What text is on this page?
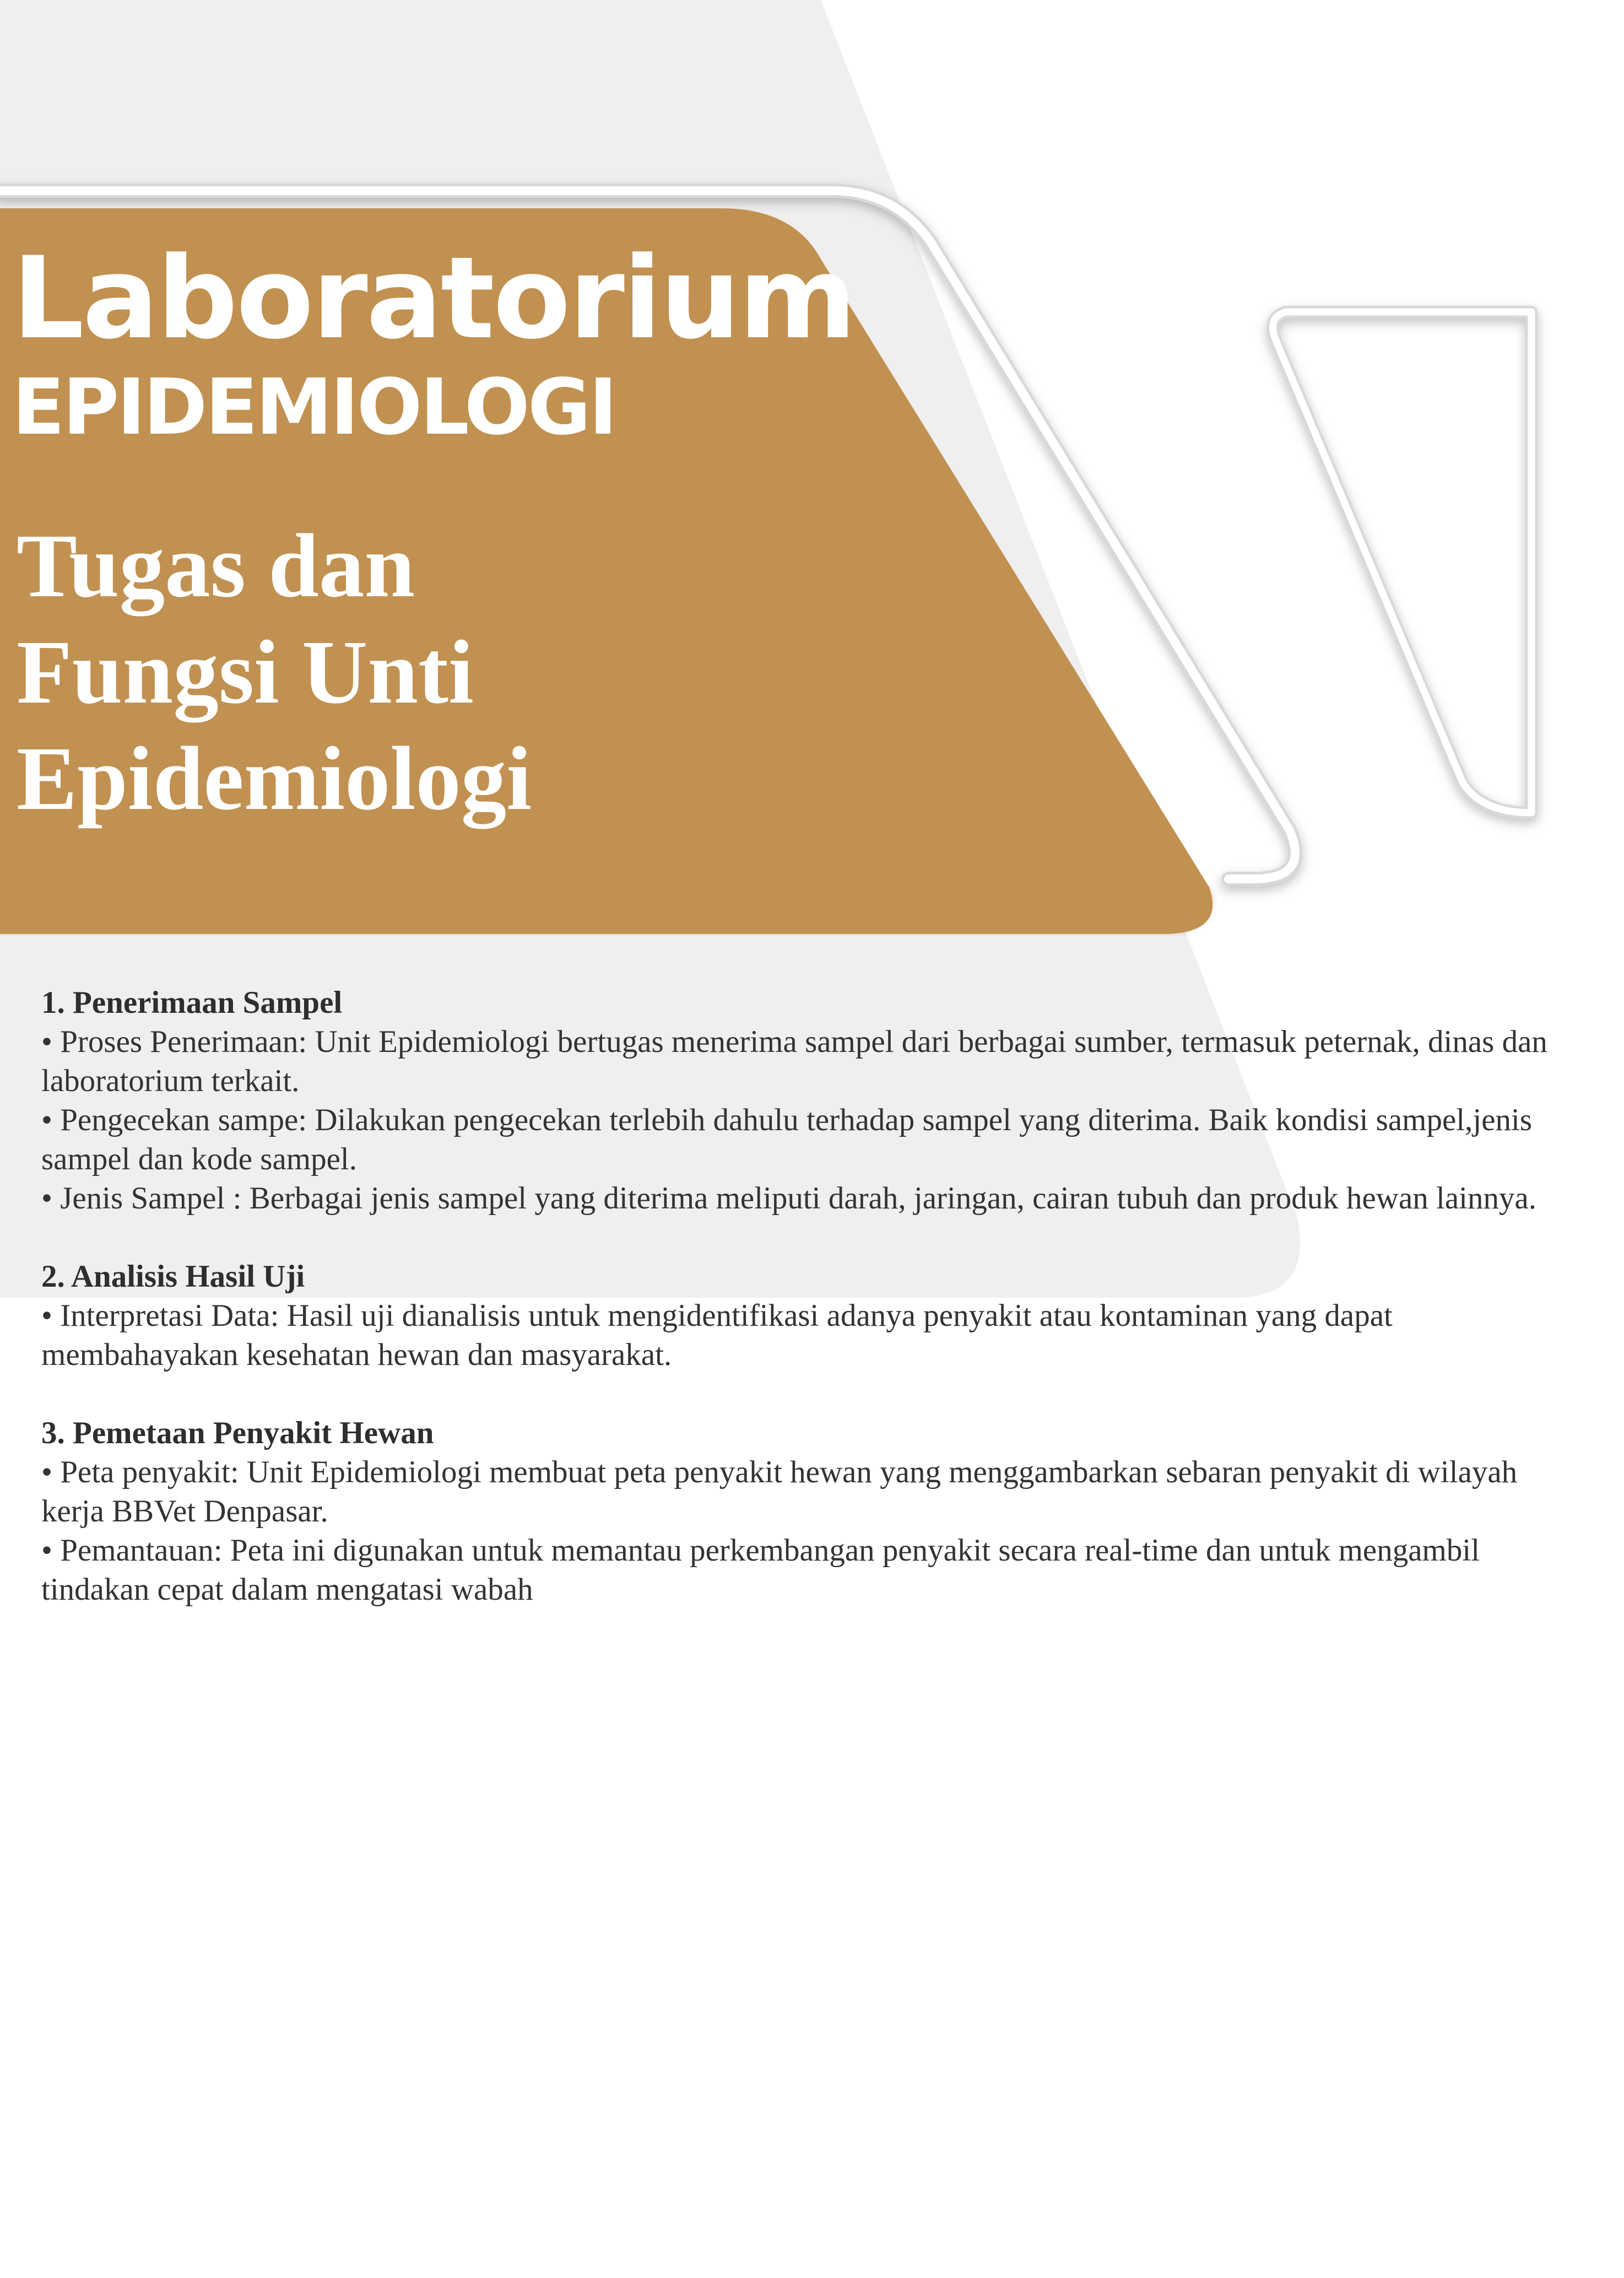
Laboratorium
EPIDEMIOLOGI
Tugas dan
Fungsi Unti
Epidemiologi
1. Penerimaan Sampel

• Proses Penerimaan: Unit Epidemiologi bertugas menerima sampel dari berbagai sumber, termasuk peternak, dinas dan laboratorium terkait.

• Pengecekan sampe: Dilakukan pengecekan terlebih dahulu terhadap sampel yang diterima. Baik kondisi sampel,jenis sampel dan kode sampel.

• Jenis Sampel : Berbagai jenis sampel yang diterima meliputi darah, jaringan, cairan tubuh dan produk hewan lainnya.

2. Analisis Hasil Uji

• Interpretasi Data: Hasil uji dianalisis untuk mengidentifikasi adanya penyakit atau kontaminan yang dapat membahayakan kesehatan hewan dan masyarakat.

3. Pemetaan Penyakit Hewan

• Peta penyakit: Unit Epidemiologi membuat peta penyakit hewan yang menggambarkan sebaran penyakit di wilayah kerja BBVet Denpasar.

• Pemantauan: Peta ini digunakan untuk memantau perkembangan penyakit secara real-time dan untuk mengambil tindakan cepat dalam mengatasi wabah
